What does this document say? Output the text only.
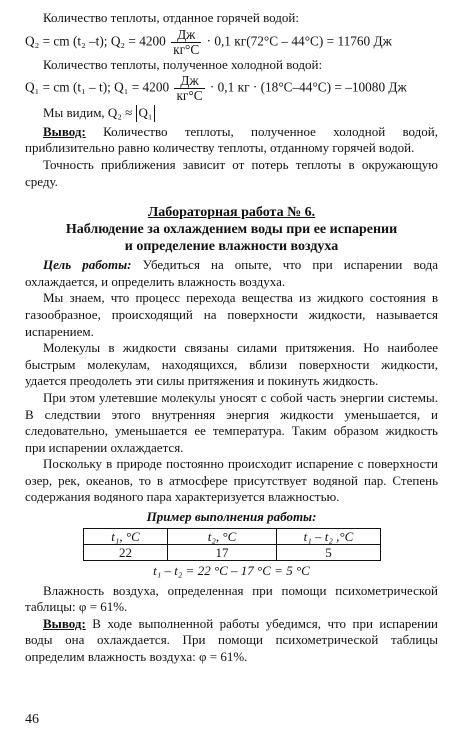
Количество теплоты, отданное горячей водой:

Q₂ = cm (t₂ –t); $Q_2 = 4200 \frac{Дж}{кг^\circ C} \cdot 0,1$ кг(72°С – 44°С) = 11760 Дж

Количество теплоты, полученное холодной водой:

Q₁ = cm (t₁ – t); $Q_1 = 4200 \frac{Дж}{кг^\circ C} \cdot 0,1$ кг · (18°С–44°С) = –10080 Дж

Мы видим, Q₂ ≈ Q₁

Вывод: Количество теплоты, полученное холодной водой, приблизительно равно количеству теплоты, отданному горячей водой.

Точность приближения зависит от потерь теплоты в окружающую среду.

Лабораторная работа № 6.

Наблюдение за охлаждением воды при ее испарении

и определение влажности воздуха

Цель работы: Убедиться на опыте, что при испарении вода охлаждается, и определить влажность воздуха.

Мы знаем, что процесс перехода вещества из жидкого состояния в газообразное, происходящий на поверхности жидкости, называется испарением.

Молекулы в жидкости связаны силами притяжения. Но наиболее быстрым молекулам, находящихся, вблизи поверхности жидкости, удается преодолеть эти силы притяжения и покинуть жидкость.

При этом улетевшие молекулы уносят с собой часть энергии системы. В следствии этого внутренняя энергия жидкости уменьшается, и следовательно, уменьшается ее температура. Таким образом жидкость при испарении охлаждается.

Поскольку в природе постоянно происходит испарение с поверхности озер, рек, океанов, то в атмосфере присутствует водяной пар. Степень содержания водяного пара характеризуется влажностью.

Пример выполнения работы:

t₁, °C	t₂, °C	t₁ – t₂ ,°C
22	17	5

t₁ – t₂ = 22 °С – 17 °С = 5 °С

Влажность воздуха, определенная при помощи психометрической таблицы: φ = 61%.

Вывод: В ходе выполненной работы убедимся, что при испарении воды она охлаждается. При помощи психометрической таблицы определим влажность воздуха: φ = 61%.

46
